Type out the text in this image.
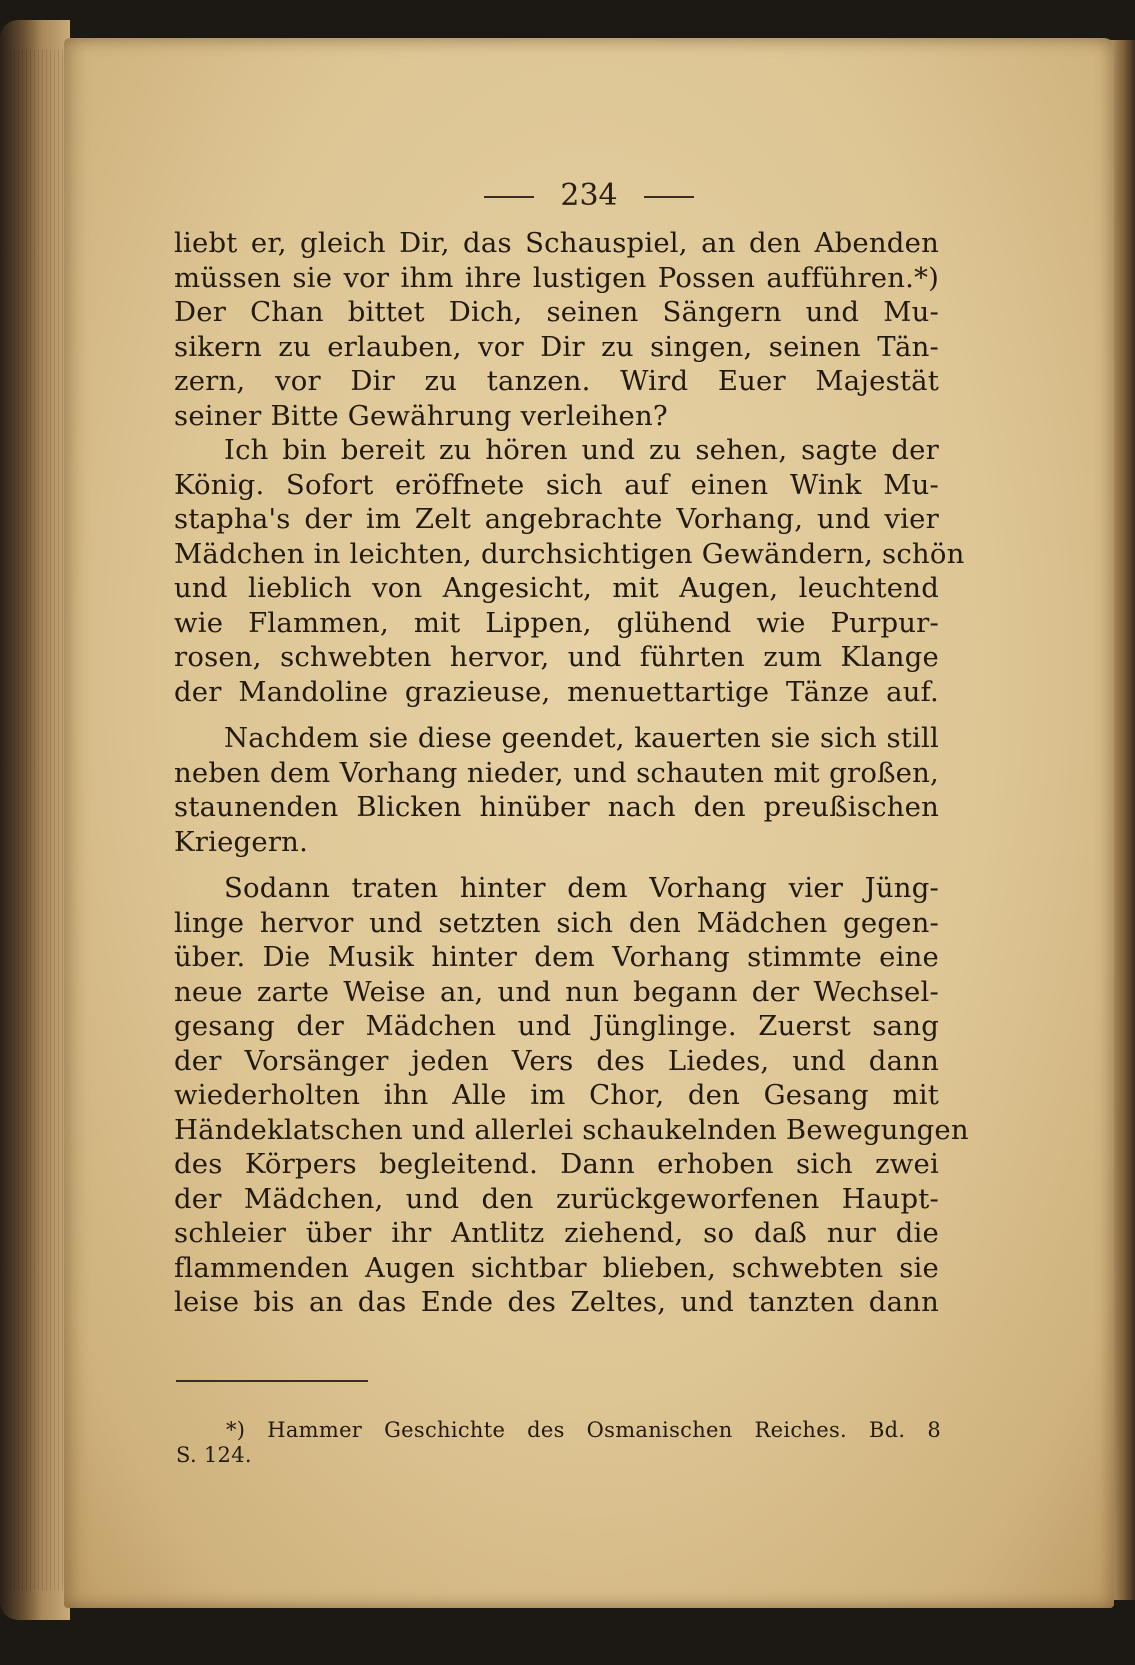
234
liebt er, gleich Dir, das Schauspiel, an den Abenden
müssen sie vor ihm ihre lustigen Possen aufführen.*)
Der Chan bittet Dich, seinen Sängern und Mu-
sikern zu erlauben, vor Dir zu singen, seinen Tän-
zern, vor Dir zu tanzen. Wird Euer Majestät
seiner Bitte Gewährung verleihen?
Ich bin bereit zu hören und zu sehen, sagte der
König. Sofort eröffnete sich auf einen Wink Mu-
stapha's der im Zelt angebrachte Vorhang, und vier
Mädchen in leichten, durchsichtigen Gewändern, schön
und lieblich von Angesicht, mit Augen, leuchtend
wie Flammen, mit Lippen, glühend wie Purpur-
rosen, schwebten hervor, und führten zum Klange
der Mandoline grazieuse, menuettartige Tänze auf.
Nachdem sie diese geendet, kauerten sie sich still
neben dem Vorhang nieder, und schauten mit großen,
staunenden Blicken hinüber nach den preußischen
Kriegern.
Sodann traten hinter dem Vorhang vier Jüng-
linge hervor und setzten sich den Mädchen gegen-
über. Die Musik hinter dem Vorhang stimmte eine
neue zarte Weise an, und nun begann der Wechsel-
gesang der Mädchen und Jünglinge. Zuerst sang
der Vorsänger jeden Vers des Liedes, und dann
wiederholten ihn Alle im Chor, den Gesang mit
Händeklatschen und allerlei schaukelnden Bewegungen
des Körpers begleitend. Dann erhoben sich zwei
der Mädchen, und den zurückgeworfenen Haupt-
schleier über ihr Antlitz ziehend, so daß nur die
flammenden Augen sichtbar blieben, schwebten sie
leise bis an das Ende des Zeltes, und tanzten dann
*) Hammer Geschichte des Osmanischen Reiches. Bd. 8
S. 124.
